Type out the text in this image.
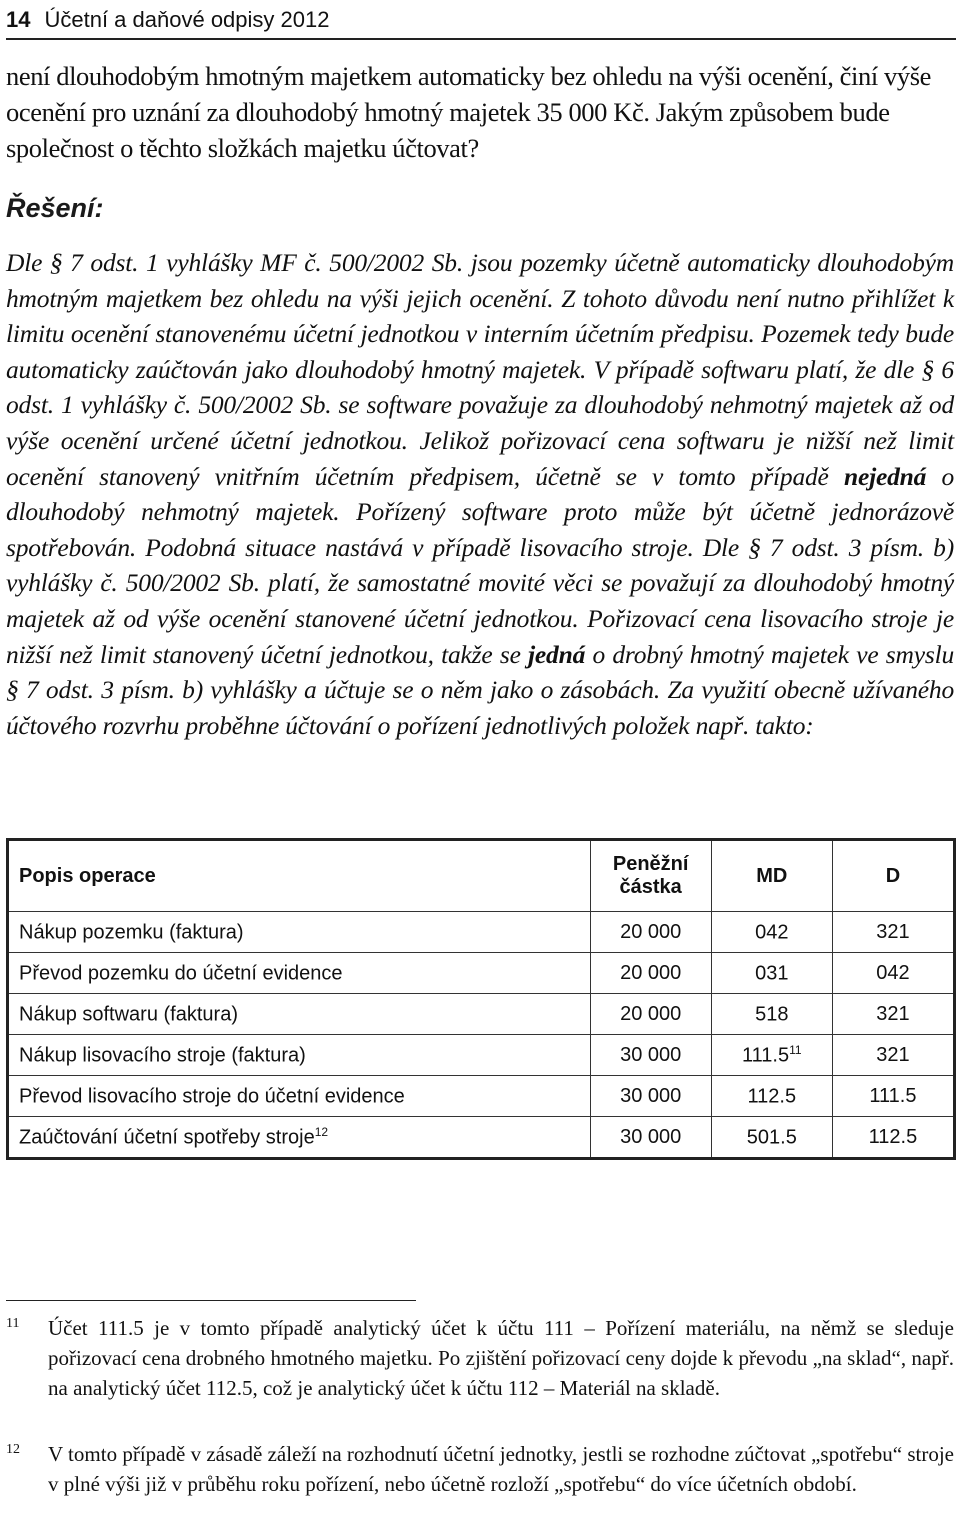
14 Účetní a daňové odpisy 2012
není dlouhodobým hmotným majetkem automaticky bez ohledu na výši ocenění, činí výše ocenění pro uznání za dlouhodobý hmotný majetek 35 000 Kč. Jakým způsobem bude společnost o těchto složkách majetku účtovat?
Řešení:
Dle § 7 odst. 1 vyhlášky MF č. 500/2002 Sb. jsou pozemky účetně automaticky dlouhodobým hmotným majetkem bez ohledu na výši jejich ocenění. Z tohoto důvodu není nutno přihlížet k limitu ocenění stanovenému účetní jednotkou v interním účetním předpisu. Pozemek tedy bude automaticky zaúčtován jako dlouhodobý hmotný majetek. V případě softwaru platí, že dle § 6 odst. 1 vyhlášky č. 500/2002 Sb. se software považuje za dlouhodobý nehmotný majetek až od výše ocenění určené účetní jednotkou. Jelikož pořizovací cena softwaru je nižší než limit ocenění stanovený vnitřním účetním předpisem, účetně se v tomto případě nejedná o dlouhodobý nehmotný majetek. Pořízený software proto může být účetně jednorázově spotřebován. Podobná situace nastává v případě lisovacího stroje. Dle § 7 odst. 3 písm. b) vyhlášky č. 500/2002 Sb. platí, že samostatné movité věci se považují za dlouhodobý hmotný majetek až od výše ocenění stanovené účetní jednotkou. Pořizovací cena lisovacího stroje je nižší než limit stanovený účetní jednotkou, takže se jedná o drobný hmotný majetek ve smyslu § 7 odst. 3 písm. b) vyhlášky a účtuje se o něm jako o zásobách. Za využití obecně užívaného účtového rozvrhu proběhne účtování o pořízení jednotlivých položek např. takto:
Popis operace	Peněžní částka	MD	D
Nákup pozemku (faktura)	20 000	042	321
Převod pozemku do účetní evidence	20 000	031	042
Nákup softwaru (faktura)	20 000	518	321
Nákup lisovacího stroje (faktura)	30 000	111.5$^{11}$	321
Převod lisovacího stroje do účetní evidence	30 000	112.5	111.5
Zaúčtování účetní spotřeby stroje$^{12}$	30 000	501.5	112.5
11 Účet 111.5 je v tomto případě analytický účet k účtu 111 – Pořízení materiálu, na němž se sleduje pořizovací cena drobného hmotného majetku. Po zjištění pořizovací ceny dojde k převodu „na sklad“, např. na analytický účet 112.5, což je analytický účet k účtu 112 – Materiál na skladě.
12 V tomto případě v zásadě záleží na rozhodnutí účetní jednotky, jestli se rozhodne zúčtovat „spotřebu“ stroje v plné výši již v průběhu roku pořízení, nebo účetně rozloží „spotřebu“ do více účetních období.
